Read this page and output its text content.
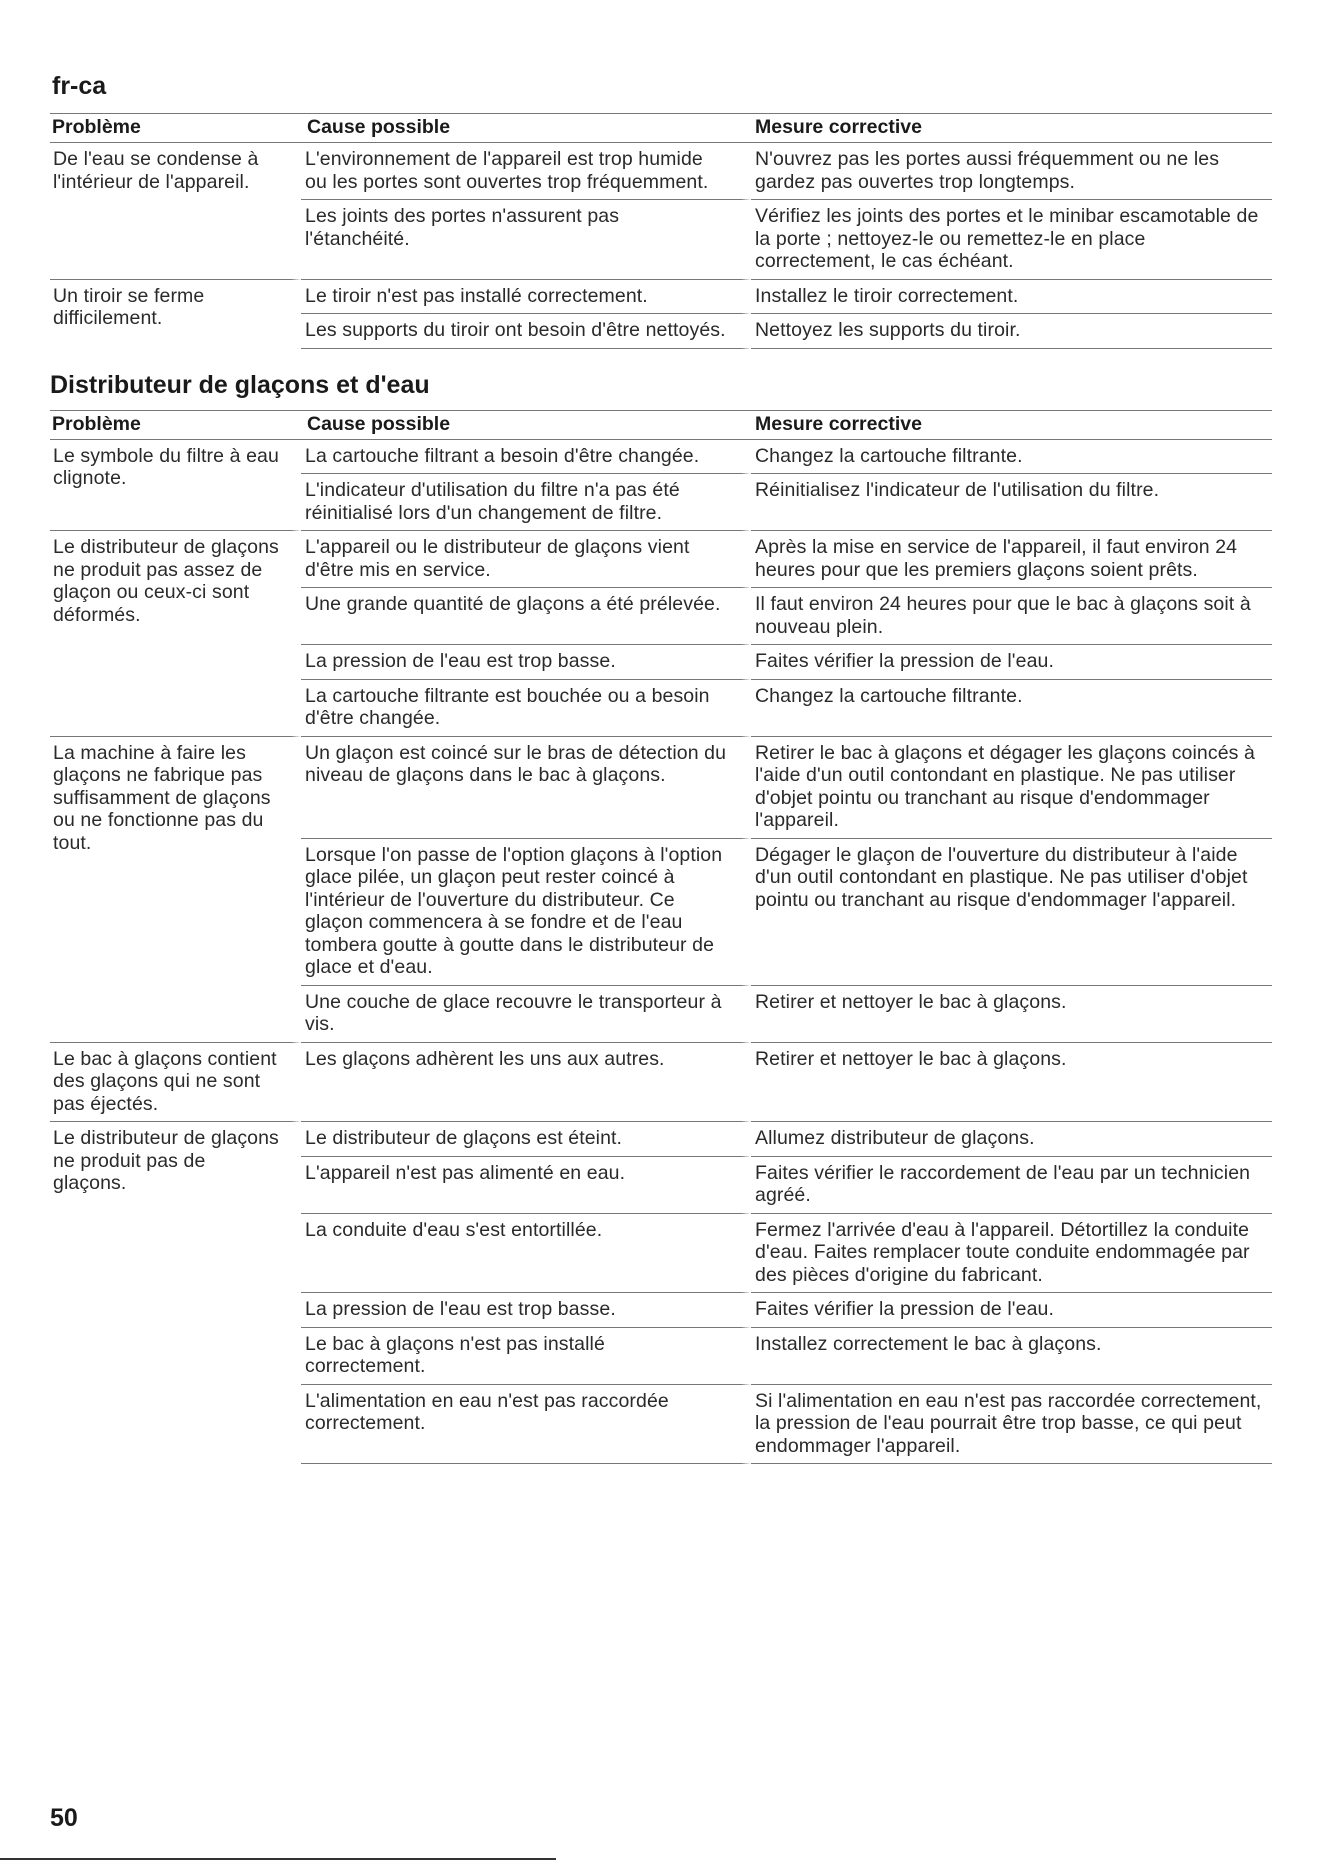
fr-ca
Problème	Cause possible	Mesure corrective
De l'eau se condense à l'intérieur de l'appareil.	L'environnement de l'appareil est trop humide ou les portes sont ouvertes trop fréquemment.	N'ouvrez pas les portes aussi fréquemment ou ne les gardez pas ouvertes trop longtemps.
	Les joints des portes n'assurent pas l'étanchéité.	Vérifiez les joints des portes et le minibar escamotable de la porte ; nettoyez-le ou remettez-le en place correctement, le cas échéant.
Un tiroir se ferme difficilement.	Le tiroir n'est pas installé correctement.	Installez le tiroir correctement.
	Les supports du tiroir ont besoin d'être nettoyés.	Nettoyez les supports du tiroir.
Distributeur de glaçons et d'eau
Problème	Cause possible	Mesure corrective
Le symbole du filtre à eau clignote.	La cartouche filtrant a besoin d'être changée.	Changez la cartouche filtrante.
	L'indicateur d'utilisation du filtre n'a pas été réinitialisé lors d'un changement de filtre.	Réinitialisez l'indicateur de l'utilisation du filtre.
Le distributeur de glaçons ne produit pas assez de glaçon ou ceux-ci sont déformés.	L'appareil ou le distributeur de glaçons vient d'être mis en service.	Après la mise en service de l'appareil, il faut environ 24 heures pour que les premiers glaçons soient prêts.
	Une grande quantité de glaçons a été prélevée.	Il faut environ 24 heures pour que le bac à glaçons soit à nouveau plein.
	La pression de l'eau est trop basse.	Faites vérifier la pression de l'eau.
	La cartouche filtrante est bouchée ou a besoin d'être changée.	Changez la cartouche filtrante.
La machine à faire les glaçons ne fabrique pas suffisamment de glaçons ou ne fonctionne pas du tout.	Un glaçon est coincé sur le bras de détection du niveau de glaçons dans le bac à glaçons.	Retirer le bac à glaçons et dégager les glaçons coincés à l'aide d'un outil contondant en plastique. Ne pas utiliser d'objet pointu ou tranchant au risque d'endommager l'appareil.
	Lorsque l'on passe de l'option glaçons à l'option glace pilée, un glaçon peut rester coincé à l'intérieur de l'ouverture du distributeur. Ce glaçon commencera à se fondre et de l'eau tombera goutte à goutte dans le distributeur de glace et d'eau.	Dégager le glaçon de l'ouverture du distributeur à l'aide d'un outil contondant en plastique. Ne pas utiliser d'objet pointu ou tranchant au risque d'endommager l'appareil.
	Une couche de glace recouvre le transporteur à vis.	Retirer et nettoyer le bac à glaçons.
Le bac à glaçons contient des glaçons qui ne sont pas éjectés.	Les glaçons adhèrent les uns aux autres.	Retirer et nettoyer le bac à glaçons.
Le distributeur de glaçons ne produit pas de glaçons.	Le distributeur de glaçons est éteint.	Allumez distributeur de glaçons.
	L'appareil n'est pas alimenté en eau.	Faites vérifier le raccordement de l'eau par un technicien agréé.
	La conduite d'eau s'est entortillée.	Fermez l'arrivée d'eau à l'appareil. Détortillez la conduite d'eau. Faites remplacer toute conduite endommagée par des pièces d'origine du fabricant.
	La pression de l'eau est trop basse.	Faites vérifier la pression de l'eau.
	Le bac à glaçons n'est pas installé correctement.	Installez correctement le bac à glaçons.
	L'alimentation en eau n'est pas raccordée correctement.	Si l'alimentation en eau n'est pas raccordée correctement, la pression de l'eau pourrait être trop basse, ce qui peut endommager l'appareil.
50
